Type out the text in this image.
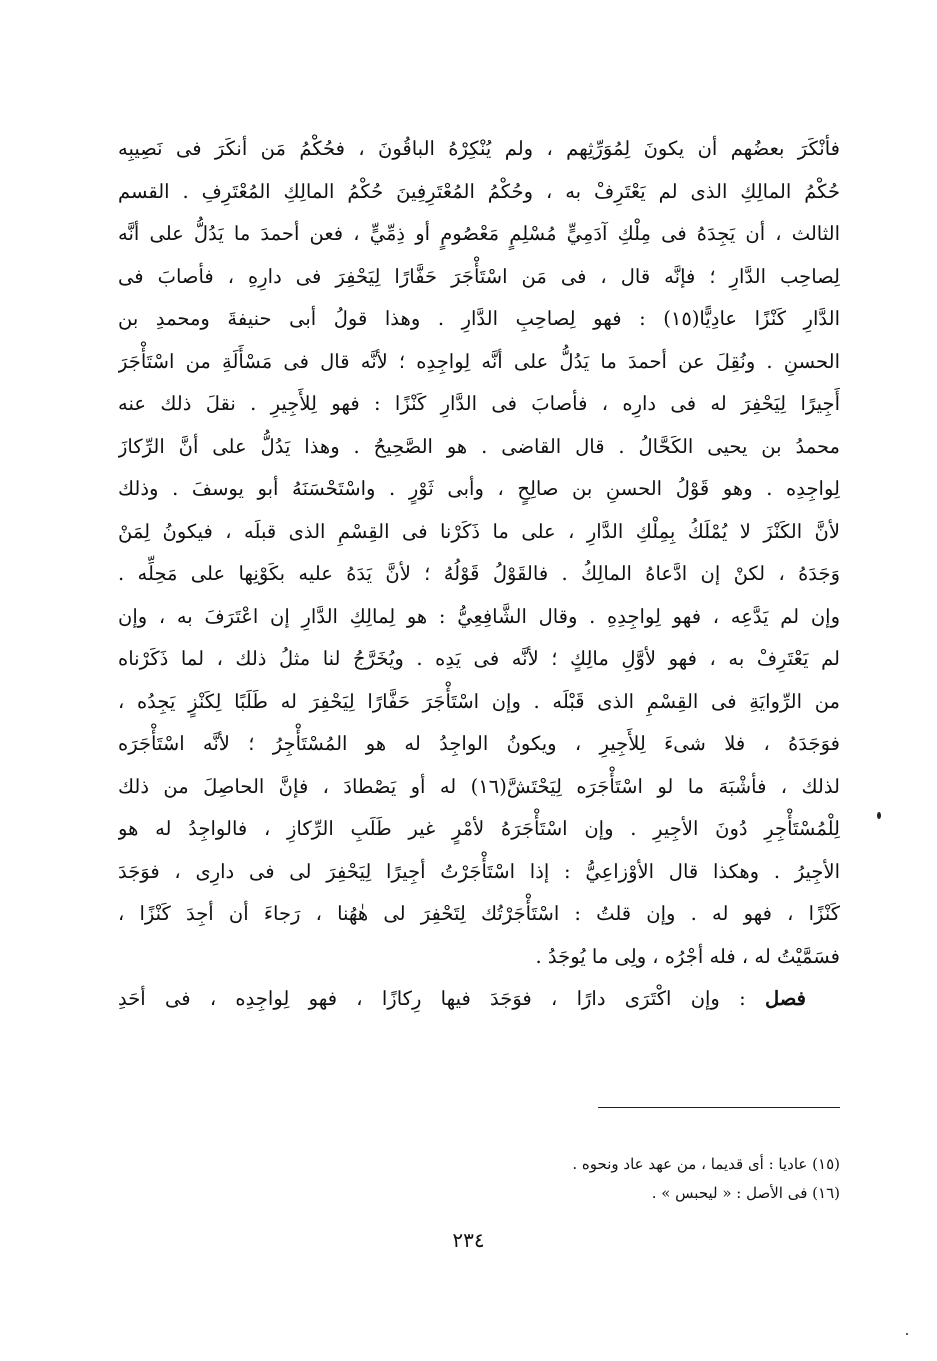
فأنْكَرَ بعضُهم أن يكونَ لِمُوَرِّثِهم ، ولم يُنْكِرْهُ الباقُونَ ، فحُكْمُ مَن أنكَرَ فى نَصِيبِه
حُكْمُ المالِكِ الذى لم يَعْتَرِفْ به ، وحُكْمُ المُعْتَرِفِينَ حُكْمُ المالِكِ المُعْتَرِفِ . القسم
الثالث ، أن يَجِدَهُ فى مِلْكِ آدَمِيٍّ مُسْلِمٍ مَعْصُومٍ أو ذِمِّيٍّ ، فعن أحمدَ ما يَدُلُّ على أنَّه
لِصاحِب الدَّارِ ؛ فإنَّه قال ، فى مَن اسْتَأْجَرَ حَفَّارًا لِيَحْفِرَ فى دارِهِ ، فأصابَ فى
الدَّارِ كَنْزًا عادِيًّا(١٥) : فهو لِصاحِبِ الدَّارِ . وهذا قولُ أبى حنيفةَ ومحمدِ بن
الحسنِ . ونُقِلَ عن أحمدَ ما يَدُلُّ على أنَّه لِواجِدِه ؛ لأنَّه قال فى مَسْأَلَةِ من اسْتَأْجَرَ
أَجِيرًا لِيَحْفِرَ له فى دارِه ، فأصابَ فى الدَّارِ كَنْزًا : فهو لِلأَجِيرِ . نقلَ ذلك عنه
محمدُ بن يحيى الكَحَّالُ . قال القاضى . هو الصَّحِيحُ . وهذا يَدُلُّ على أنَّ الرِّكازَ
لِواجِدِه . وهو قَوْلُ الحسنِ بن صالِحٍ ، وأبى ثَوْرٍ . واسْتَحْسَنَهُ أبو يوسفَ . وذلك
لأنَّ الكَنْزَ لا يُمْلَكُ بِمِلْكِ الدَّارِ ، على ما ذَكَرْنا فى القِسْمِ الذى قبلَه ، فيكونُ لِمَنْ
وَجَدَهُ ، لكنْ إن ادَّعاهُ المالِكُ . فالقَوْلُ قَوْلُهُ ؛ لأنَّ يَدَهُ عليه بكَوْنِها على مَحِلِّه .
وإن لم يَدَّعِه ، فهو لِواجِدِهِ . وقال الشَّافِعِيُّ : هو لِمالِكِ الدَّارِ إن اعْتَرَفَ به ، وإن
لم يَعْتَرِفْ به ، فهو لأوَّلِ مالِكٍ ؛ لأنَّه فى يَدِه . ويُخَرَّجُ لنا مثلُ ذلك ، لما ذَكَرْناه
من الرِّوايَةِ فى القِسْمِ الذى قَبْلَه . وإن اسْتَأْجَرَ حَفَّارًا لِيَحْفِرَ له طَلَبًا لِكَنْزٍ يَجِدُه ،
فوَجَدَهُ ، فلا شىءَ لِلأَجِيرِ ، ويكونُ الواجِدُ له هو المُسْتَأْجِرُ ؛ لأنَّه اسْتَأْجَرَه
لذلك ، فأشْبَهَ ما لو اسْتَأْجَرَه لِيَحْتَشَّ(١٦) له أو يَصْطادَ ، فإنَّ الحاصِلَ من ذلك
لِلْمُسْتَأْجِرِ دُونَ الأجِيرِ . وإن اسْتَأْجَرَهُ لأمْرٍ غير طَلَبِ الرِّكازِ ، فالواجِدُ له هو
الأجِيرُ . وهكذا قال الأوْزاعِيُّ : إذا اسْتَأْجَرْتُ أجِيرًا لِيَحْفِرَ لى فى دارِى ، فوَجَدَ
كَنْزًا ، فهو له . وإن قلتُ : اسْتَأْجَرْتُك لِتَحْفِرَ لى هٰهُنا ، رَجاءَ أن أجِدَ كَنْزًا ،
فسَمَّيْتُ له ، فله أجْرُه ، ولِى ما يُوجَدُ .
فصل : وإن اكْتَرَى دارًا ، فوَجَدَ فيها رِكازًا ، فهو لِواجِدِه ، فى أحَدِ
(١٥) عاديا : أى قديما ، من عهد عاد ونحوه .
(١٦) فى الأصل : « ليحبس » .
٢٣٤
